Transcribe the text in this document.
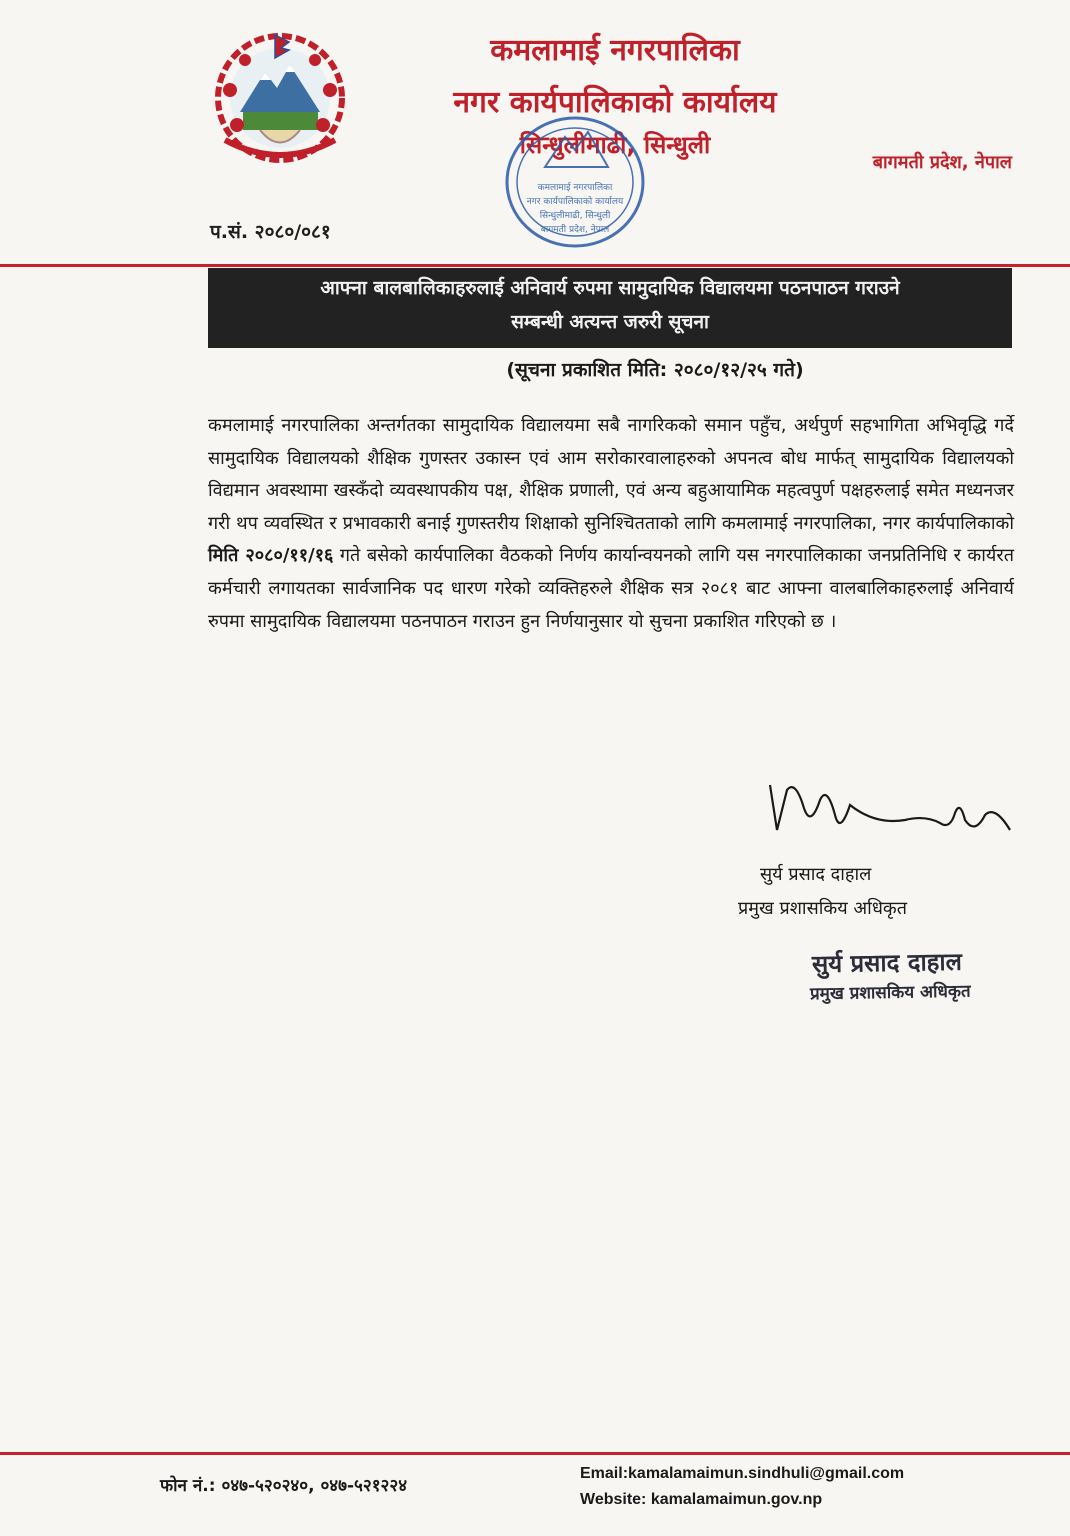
कमलामाई नगरपालिका
नगर कार्यपालिकाको कार्यालय
सिन्धुलीमाढी, सिन्धुली
बागमती प्रदेश, नेपाल
कमलामाई नगरपालिका
नगर कार्यपालिकाको कार्यालय
सिन्धुलीमाढी, सिन्धुली
बागमती प्रदेश, नेपाल
प.सं. २०८०/०८१
आफ्ना बालबालिकाहरुलाई अनिवार्य रुपमा सामुदायिक विद्यालयमा पठनपाठन गराउने
सम्बन्धी अत्यन्त जरुरी सूचना
(सूचना प्रकाशित मिति: २०८०/१२/२५ गते)

कमलामाई नगरपालिका अन्तर्गतका सामुदायिक विद्यालयमा सबै नागरिकको समान पहुँच, अर्थपुर्ण सहभागिता अभिवृद्धि गर्दे सामुदायिक विद्यालयको शैक्षिक गुणस्तर उकास्न एवं आम सरोकारवालाहरुको अपनत्व बोध मार्फत् सामुदायिक विद्यालयको विद्यमान अवस्थामा खस्कँदो व्यवस्थापकीय पक्ष, शैक्षिक प्रणाली, एवं अन्य बहुआयामिक महत्वपुर्ण पक्षहरुलाई समेत मध्यनजर गरी थप व्यवस्थित र प्रभावकारी बनाई गुणस्तरीय शिक्षाको सुनिश्चितताको लागि कमलामाई नगरपालिका, नगर कार्यपालिकाको मिति २०८०/११/१६ गते बसेको कार्यपालिका वैठकको निर्णय कार्यान्वयनको लागि यस नगरपालिकाका जनप्रतिनिधि र कार्यरत कर्मचारी लगायतका सार्वजानिक पद धारण गरेको व्यक्तिहरुले शैक्षिक सत्र २०८१ बाट आफ्ना वालबालिकाहरुलाई अनिवार्य रुपमा सामुदायिक विद्यालयमा पठनपाठन गराउन हुन निर्णयानुसार यो सुचना प्रकाशित गरिएको छ ।

सुर्य प्रसाद दाहाल
प्रमुख प्रशासकिय अधिकृत
सुर्य प्रसाद दाहाल
प्रमुख प्रशासकिय अधिकृत
फोन नं.: ०४७-५२०२४०, ०४७-५२१२२४
Email:kamalamaimun.sindhuli@gmail.com
Website: kamalamaimun.gov.np
